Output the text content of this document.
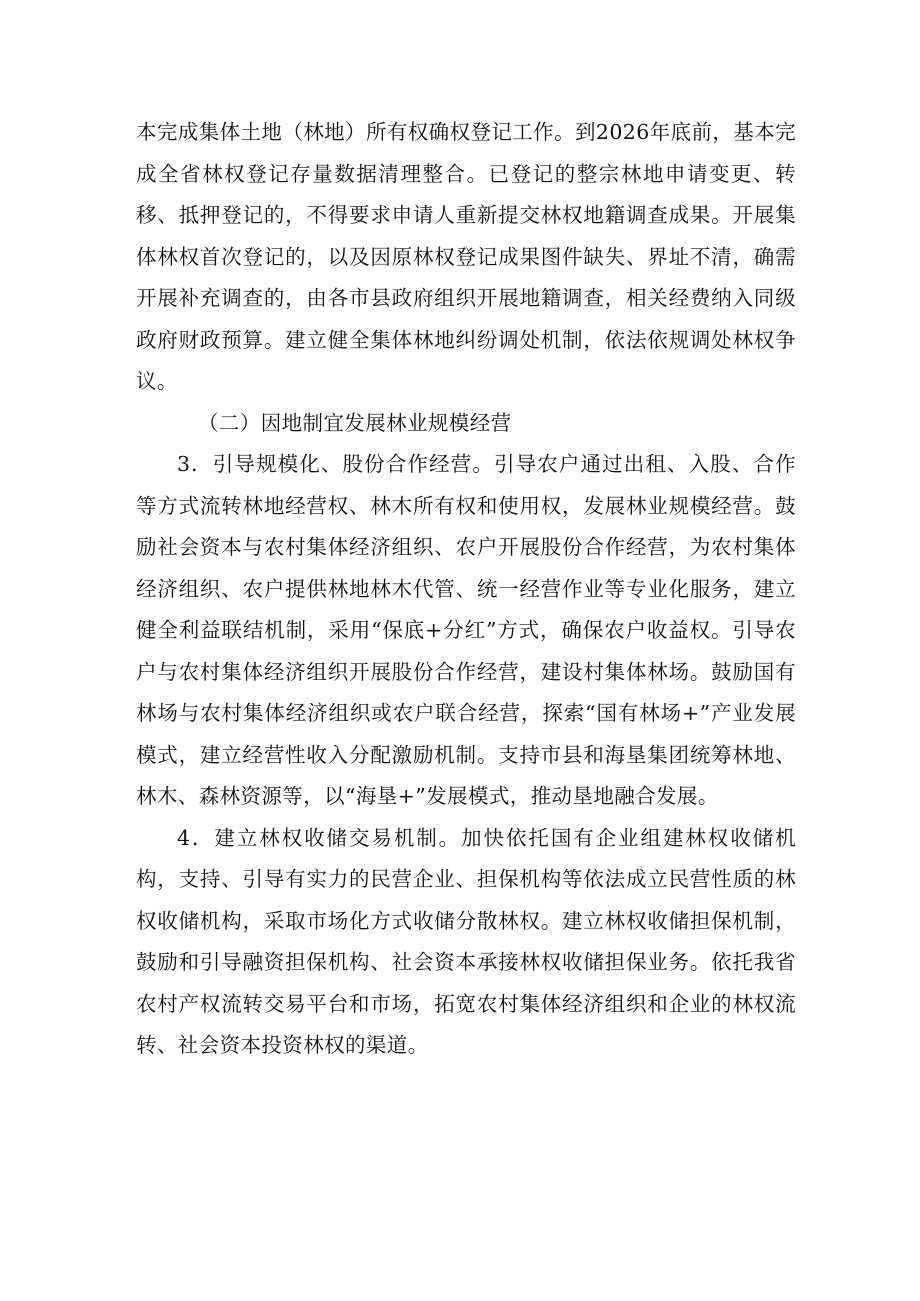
本完成集体土地（林地）所有权确权登记工作。到2026年底前，基本完成全省林权登记存量数据清理整合。已登记的整宗林地申请变更、转移、抵押登记的，不得要求申请人重新提交林权地籍调查成果。开展集体林权首次登记的，以及因原林权登记成果图件缺失、界址不清，确需开展补充调查的，由各市县政府组织开展地籍调查，相关经费纳入同级政府财政预算。建立健全集体林地纠纷调处机制，依法依规调处林权争议。

（二）因地制宜发展林业规模经营

3．引导规模化、股份合作经营。引导农户通过出租、入股、合作等方式流转林地经营权、林木所有权和使用权，发展林业规模经营。鼓励社会资本与农村集体经济组织、农户开展股份合作经营，为农村集体经济组织、农户提供林地林木代管、统一经营作业等专业化服务，建立健全利益联结机制，采用“保底+分红”方式，确保农户收益权。引导农户与农村集体经济组织开展股份合作经营，建设村集体林场。鼓励国有林场与农村集体经济组织或农户联合经营，探索“国有林场+”产业发展模式，建立经营性收入分配激励机制。支持市县和海垦集团统筹林地、林木、森林资源等，以“海垦+”发展模式，推动垦地融合发展。

4．建立林权收储交易机制。加快依托国有企业组建林权收储机构，支持、引导有实力的民营企业、担保机构等依法成立民营性质的林权收储机构，采取市场化方式收储分散林权。建立林权收储担保机制，鼓励和引导融资担保机构、社会资本承接林权收储担保业务。依托我省农村产权流转交易平台和市场，拓宽农村集体经济组织和企业的林权流转、社会资本投资林权的渠道。
